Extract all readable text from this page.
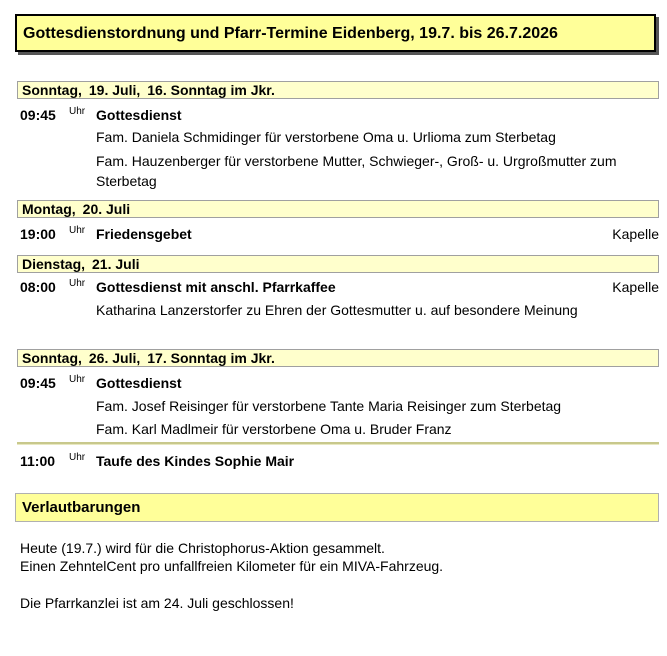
Gottesdienstordnung und Pfarr-Termine Eidenberg, 19.7. bis 26.7.2026
Sonntag, 19. Juli, 16. Sonntag im Jkr.
09:45 Uhr Gottesdienst
Fam. Daniela Schmidinger für verstorbene Oma u. Urlioma zum Sterbetag
Fam. Hauzenberger für verstorbene Mutter, Schwieger-, Groß- u. Urgroßmutter zum Sterbetag
Montag, 20. Juli
19:00 Uhr Friedensgebet	Kapelle
Dienstag, 21. Juli
08:00 Uhr Gottesdienst mit anschl. Pfarrkaffee	Kapelle
Katharina Lanzerstorfer zu Ehren der Gottesmutter u. auf besondere Meinung
Sonntag, 26. Juli, 17. Sonntag im Jkr.
09:45 Uhr Gottesdienst
Fam. Josef Reisinger für verstorbene Tante Maria Reisinger zum Sterbetag
Fam. Karl Madlmeir für verstorbene Oma u. Bruder Franz
11:00 Uhr Taufe des Kindes Sophie Mair
Verlautbarungen
Heute (19.7.) wird für die Christophorus-Aktion gesammelt.
Einen ZehntelCent pro unfallfreien Kilometer für ein MIVA-Fahrzeug.
Die Pfarrkanzlei ist am 24. Juli geschlossen!
